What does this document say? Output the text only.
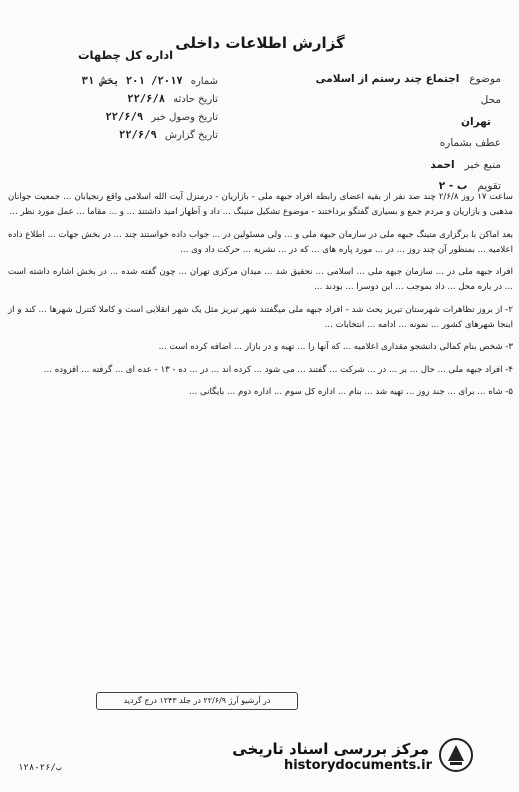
گزارش اطلاعات داخلی
اداره کل چطهات
شماره
۲۰۱۷/ ۲۰۱ بخش ۳۱
تاریخ حادثه
۲۲/۶/۸
تاریخ وصول خبر
۲۲/۶/۹
تاریخ گزارش
۲۲/۶/۹
موضوع
اجتماع چند رستم از اسلامی
محل
تهران
عطف بشماره
منبع خبر
احمد
تقویم
ب - ۲

ساعت ۱۷ روز ۲/۶/۸ چند صد نفر از بقیه اعضای رابطه افراد جبهه ملی - بازاریان - درمنزل آیت الله اسلامی واقع رنجیابان ... جمعیت جوانان مذهبی و بازاریان و مردم جمع و بسیاری گفتگو برداختند - موضوع تشکیل متینگ ... داد و آظهار امید داشتند ... و ... مقاما ... عمل مورد نظر ...

بعد اماکن با برگزاری متینگ جبهه ملی در سازمان جبهه ملی و ... ولی مسئولین در ... جواب داده خواستند چند ... در بخش جهات ... اطلاع داده اعلامیه ... بمنظور آن چند روز ... در ... مورد پاره های ... که در ... نشریه ... حرکت داد وی ...

افراد جبهه ملی در ... سازمان جبهه ملی ... اسلامی ... تحقیق شد ... میدان مرکزی تهران ... چون گفته شده ... در بخش اشاره داشته است ... در باره محل ... داد بموجب ... این دوسرا ... بودند ...

۲- از بروز تظاهرات شهرستان تبریز بحث شد - افراد جبهه ملی میگفتند شهر تبریز مثل یک شهر انقلابی است و کاملا کنترل شهرها ... کند و از اینجا شهرهای کشور ... نمونه ... ادامه ... انتخابات ...

۳- شخص بنام کمالی دانشجو مقداری اعلامیه ... که آنها را ... تهیه و در بازار ... اضافه کرده است ...

۴- افراد جبهه ملی ... حال ... بر ... در ... شرکت ... گفتند ... می شود ... کرده اند ... در ... ده - ۱۳ - عده ای ... گرفته ... افزوده ...

۵- شاه ... برای ... جند روز ... تهیه شد ... بنام ... اداره کل سوم ... اداره دوم ... بایگانی ...

در آرشیو آرژ ۲۲/۶/۹ در جلد ۱۲۴۳ درج گردید
۱۲۸-۲۶/ب
مرکز بررسی اسناد تاریخی
historydocuments.ir
